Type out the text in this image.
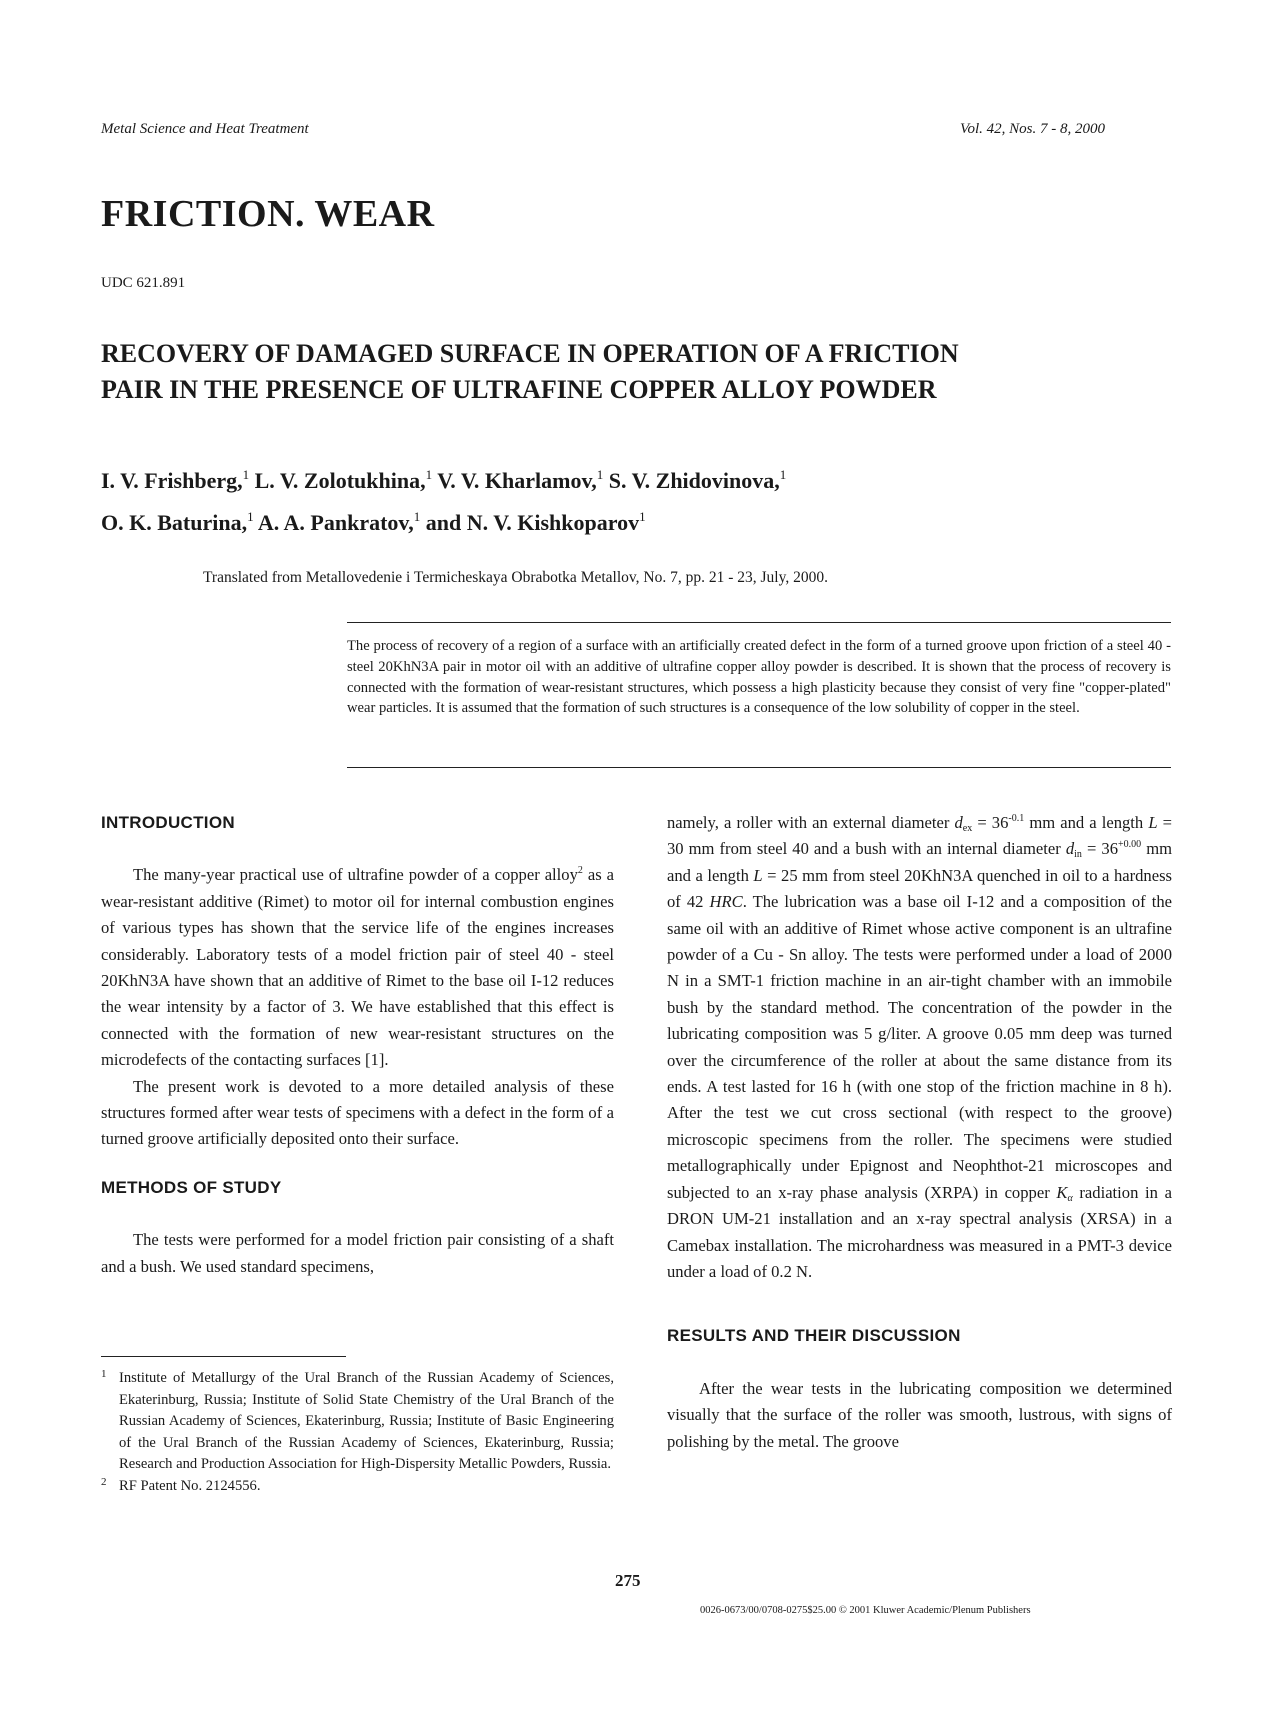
Metal Science and Heat Treatment	Vol. 42, Nos. 7 - 8, 2000
FRICTION. WEAR
UDC 621.891
RECOVERY OF DAMAGED SURFACE IN OPERATION OF A FRICTION
PAIR IN THE PRESENCE OF ULTRAFINE COPPER ALLOY POWDER
I. V. Frishberg,$^1$ L. V. Zolotukhina,$^1$ V. V. Kharlamov,$^1$ S. V. Zhidovinova,$^1$
O. K. Baturina,$^1$ A. A. Pankratov,$^1$ and N. V. Kishkoparov$^1$
Translated from Metallovedenie i Termicheskaya Obrabotka Metallov, No. 7, pp. 21 - 23, July, 2000.
The process of recovery of a region of a surface with an artificially created defect in the form of a turned groove upon friction of a steel 40 - steel 20KhN3A pair in motor oil with an additive of ultrafine copper alloy powder is described. It is shown that the process of recovery is connected with the formation of wear-resistant structures, which possess a high plasticity because they consist of very fine "copper-plated" wear particles. It is assumed that the formation of such structures is a consequence of the low solubility of copper in the steel.
INTRODUCTION

The many-year practical use of ultrafine powder of a copper alloy$^2$ as a wear-resistant additive (Rimet) to motor oil for internal combustion engines of various types has shown that the service life of the engines increases considerably. Laboratory tests of a model friction pair of steel 40 - steel 20KhN3A have shown that an additive of Rimet to the base oil I-12 reduces the wear intensity by a factor of 3. We have established that this effect is connected with the formation of new wear-resistant structures on the microdefects of the contacting surfaces [1].

The present work is devoted to a more detailed analysis of these structures formed after wear tests of specimens with a defect in the form of a turned groove artificially deposited onto their surface.

METHODS OF STUDY

The tests were performed for a model friction pair consisting of a shaft and a bush. We used standard specimens,

1 Institute of Metallurgy of the Ural Branch of the Russian Academy of Sciences, Ekaterinburg, Russia; Institute of Solid State Chemistry of the Ural Branch of the Russian Academy of Sciences, Ekaterinburg, Russia; Institute of Basic Engineering of the Ural Branch of the Russian Academy of Sciences, Ekaterinburg, Russia; Research and Production Association for High-Dispersity Metallic Powders, Russia.

2 RF Patent No. 2124556.

namely, a roller with an external diameter $d_{ex} = 36^{-0.1}$ mm and a length L = 30 mm from steel 40 and a bush with an internal diameter $d_{in} = 36^{+0.00}$ mm and a length L = 25 mm from steel 20KhN3A quenched in oil to a hardness of 42 HRC. The lubrication was a base oil I-12 and a composition of the same oil with an additive of Rimet whose active component is an ultrafine powder of a Cu - Sn alloy. The tests were performed under a load of 2000 N in a SMT-1 friction machine in an air-tight chamber with an immobile bush by the standard method. The concentration of the powder in the lubricating composition was 5 g/liter. A groove 0.05 mm deep was turned over the circumference of the roller at about the same distance from its ends. A test lasted for 16 h (with one stop of the friction machine in 8 h). After the test we cut cross sectional (with respect to the groove) microscopic specimens from the roller. The specimens were studied metallographically under Epignost and Neophthot-21 microscopes and subjected to an x-ray phase analysis (XRPA) in copper $K_\alpha$ radiation in a DRON UM-21 installation and an x-ray spectral analysis (XRSA) in a Camebax installation. The microhardness was measured in a PMT-3 device under a load of 0.2 N.

RESULTS AND THEIR DISCUSSION

After the wear tests in the lubricating composition we determined visually that the surface of the roller was smooth, lustrous, with signs of polishing by the metal. The groove

275
0026-0673/00/0708-0275$25.00 © 2001 Kluwer Academic/Plenum Publishers
